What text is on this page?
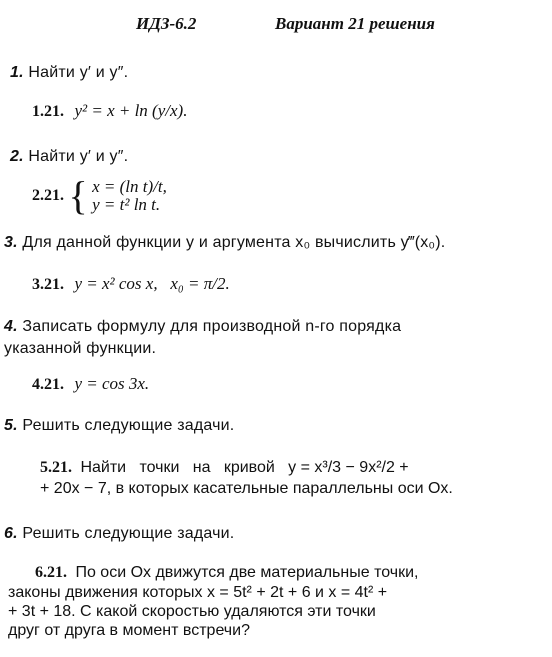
ИДЗ-6.2	Вариант 21 решения
1. Найти y′ и y″.
1.21. y² = x + ln (y/x).
2. Найти y′ и y″.
2.21. { x = (ln t)/t,
y = t² ln t.
3. Для данной функции y и аргумента x₀ вычислить y‴(x₀).
3.21. y = x² cos x,   x₀ = π/2.
4. Записать формулу для производной n-го порядка
указанной функции.
4.21. y = cos 3x.
5. Решить следующие задачи.
5.21. Найти   точки   на   кривой   y = x³/3 − 9x²/2 +
+ 20x − 7, в которых касательные параллельны оси Ox.
6. Решить следующие задачи.
6.21. По оси Ox движутся две материальные точки,
законы движения которых x = 5t² + 2t + 6 и x = 4t² +
+ 3t + 18. С какой скоростью удаляются эти точки
друг от друга в момент встречи?
